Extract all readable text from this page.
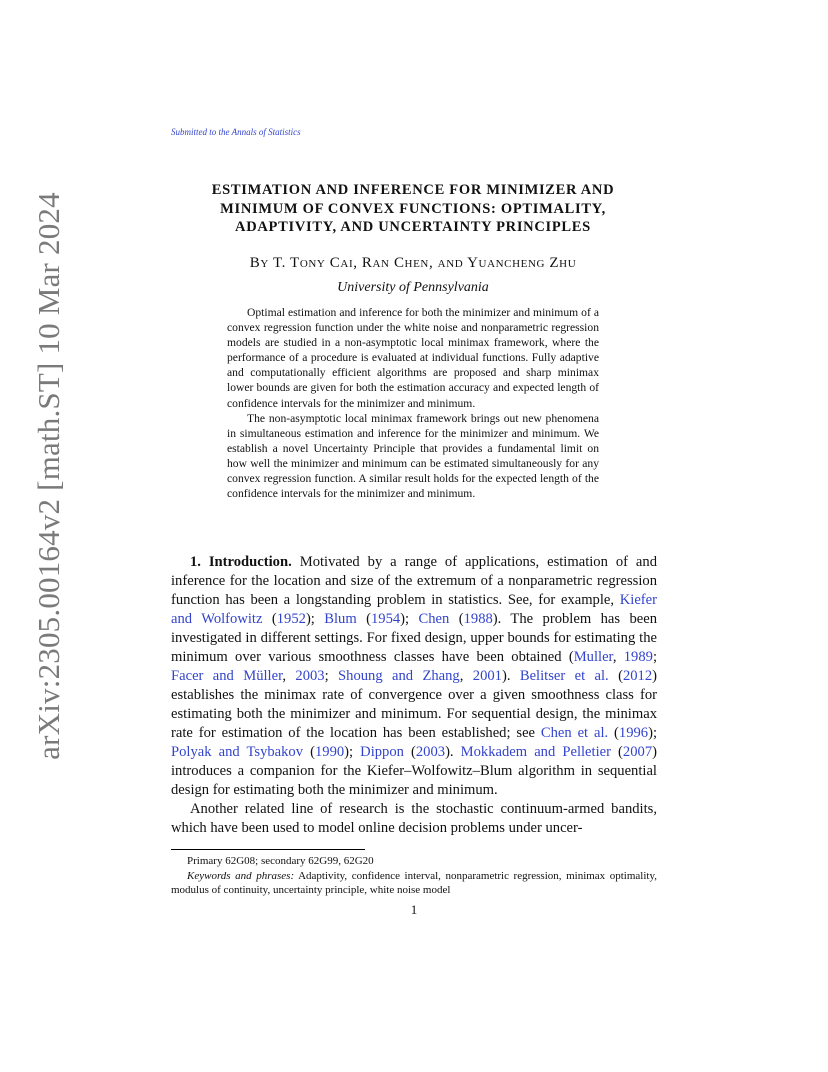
arXiv:2305.00164v2 [math.ST] 10 Mar 2024
Submitted to the Annals of Statistics
ESTIMATION AND INFERENCE FOR MINIMIZER AND
MINIMUM OF CONVEX FUNCTIONS: OPTIMALITY,
ADAPTIVITY, AND UNCERTAINTY PRINCIPLES
By T. Tony Cai, Ran Chen, and Yuancheng Zhu
University of Pennsylvania

Optimal estimation and inference for both the minimizer and minimum of a convex regression function under the white noise and nonparametric regression models are studied in a non-asymptotic local minimax framework, where the performance of a procedure is evaluated at individual functions. Fully adaptive and computationally efficient algorithms are proposed and sharp minimax lower bounds are given for both the estimation accuracy and expected length of confidence intervals for the minimizer and minimum.

The non-asymptotic local minimax framework brings out new phenomena in simultaneous estimation and inference for the minimizer and minimum. We establish a novel Uncertainty Principle that provides a fundamental limit on how well the minimizer and minimum can be estimated simultaneously for any convex regression function. A similar result holds for the expected length of the confidence intervals for the minimizer and minimum.

1. Introduction. Motivated by a range of applications, estimation of and inference for the location and size of the extremum of a nonparametric regression function has been a longstanding problem in statistics. See, for example, Kiefer and Wolfowitz (1952); Blum (1954); Chen (1988). The problem has been investigated in different settings. For fixed design, upper bounds for estimating the minimum over various smoothness classes have been obtained (Muller, 1989; Facer and Müller, 2003; Shoung and Zhang, 2001). Belitser et al. (2012) establishes the minimax rate of convergence over a given smoothness class for estimating both the minimizer and minimum. For sequential design, the minimax rate for estimation of the location has been established; see Chen et al. (1996); Polyak and Tsybakov (1990); Dippon (2003). Mokkadem and Pelletier (2007) introduces a companion for the Kiefer–Wolfowitz–Blum algorithm in sequential design for estimating both the minimizer and minimum.

Another related line of research is the stochastic continuum-armed bandits, which have been used to model online decision problems under uncer-

Primary 62G08; secondary 62G99, 62G20

Keywords and phrases: Adaptivity, confidence interval, nonparametric regression, minimax optimality, modulus of continuity, uncertainty principle, white noise model

1
